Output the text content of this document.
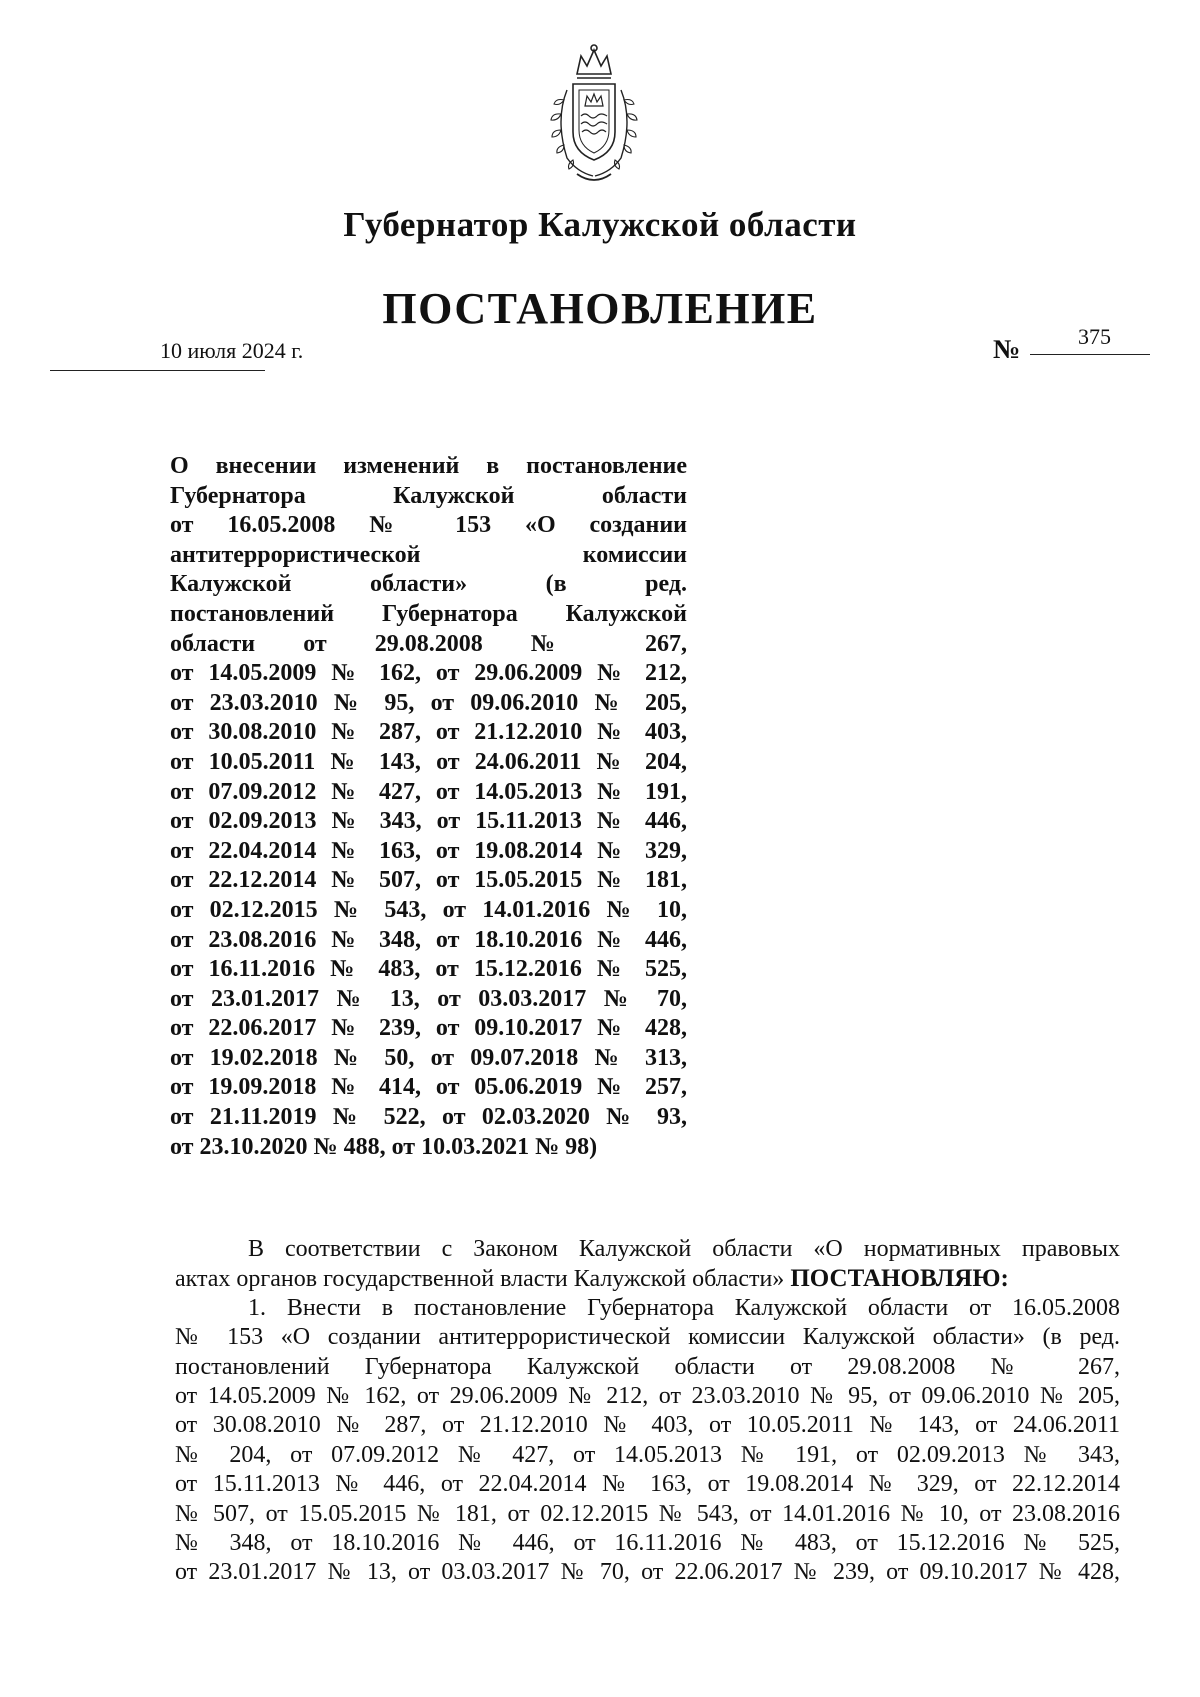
Губернатор Калужской области
ПОСТАНОВЛЕНИЕ
10 июля 2024 г.	№	375
О внесении изменений в постановление
Губернатора Калужской области
от 16.05.2008 № 153 «О создании
антитеррористической комиссии
Калужской области» (в ред.
постановлений Губернатора Калужской
области от 29.08.2008 № 267,
от 14.05.2009 № 162, от 29.06.2009 № 212,
от 23.03.2010 № 95, от 09.06.2010 № 205,
от 30.08.2010 № 287, от 21.12.2010 № 403,
от 10.05.2011 № 143, от 24.06.2011 № 204,
от 07.09.2012 № 427, от 14.05.2013 № 191,
от 02.09.2013 № 343, от 15.11.2013 № 446,
от 22.04.2014 № 163, от 19.08.2014 № 329,
от 22.12.2014 № 507, от 15.05.2015 № 181,
от 02.12.2015 № 543, от 14.01.2016 № 10,
от 23.08.2016 № 348, от 18.10.2016 № 446,
от 16.11.2016 № 483, от 15.12.2016 № 525,
от 23.01.2017 № 13, от 03.03.2017 № 70,
от 22.06.2017 № 239, от 09.10.2017 № 428,
от 19.02.2018 № 50, от 09.07.2018 № 313,
от 19.09.2018 № 414, от 05.06.2019 № 257,
от 21.11.2019 № 522, от 02.03.2020 № 93,
от 23.10.2020 № 488, от 10.03.2021 № 98)
В соответствии с Законом Калужской области «О нормативных правовых
актах органов государственной власти Калужской области» ПОСТАНОВЛЯЮ:
1. Внести в постановление Губернатора Калужской области от 16.05.2008
№ 153 «О создании антитеррористической комиссии Калужской области» (в ред.
постановлений Губернатора Калужской области от 29.08.2008 № 267,
от 14.05.2009 № 162, от 29.06.2009 № 212, от 23.03.2010 № 95, от 09.06.2010 № 205,
от 30.08.2010 № 287, от 21.12.2010 № 403, от 10.05.2011 № 143, от 24.06.2011
№ 204, от 07.09.2012 № 427, от 14.05.2013 № 191, от 02.09.2013 № 343,
от 15.11.2013 № 446, от 22.04.2014 № 163, от 19.08.2014 № 329, от 22.12.2014
№ 507, от 15.05.2015 № 181, от 02.12.2015 № 543, от 14.01.2016 № 10, от 23.08.2016
№ 348, от 18.10.2016 № 446, от 16.11.2016 № 483, от 15.12.2016 № 525,
от 23.01.2017 № 13, от 03.03.2017 № 70, от 22.06.2017 № 239, от 09.10.2017 № 428,
